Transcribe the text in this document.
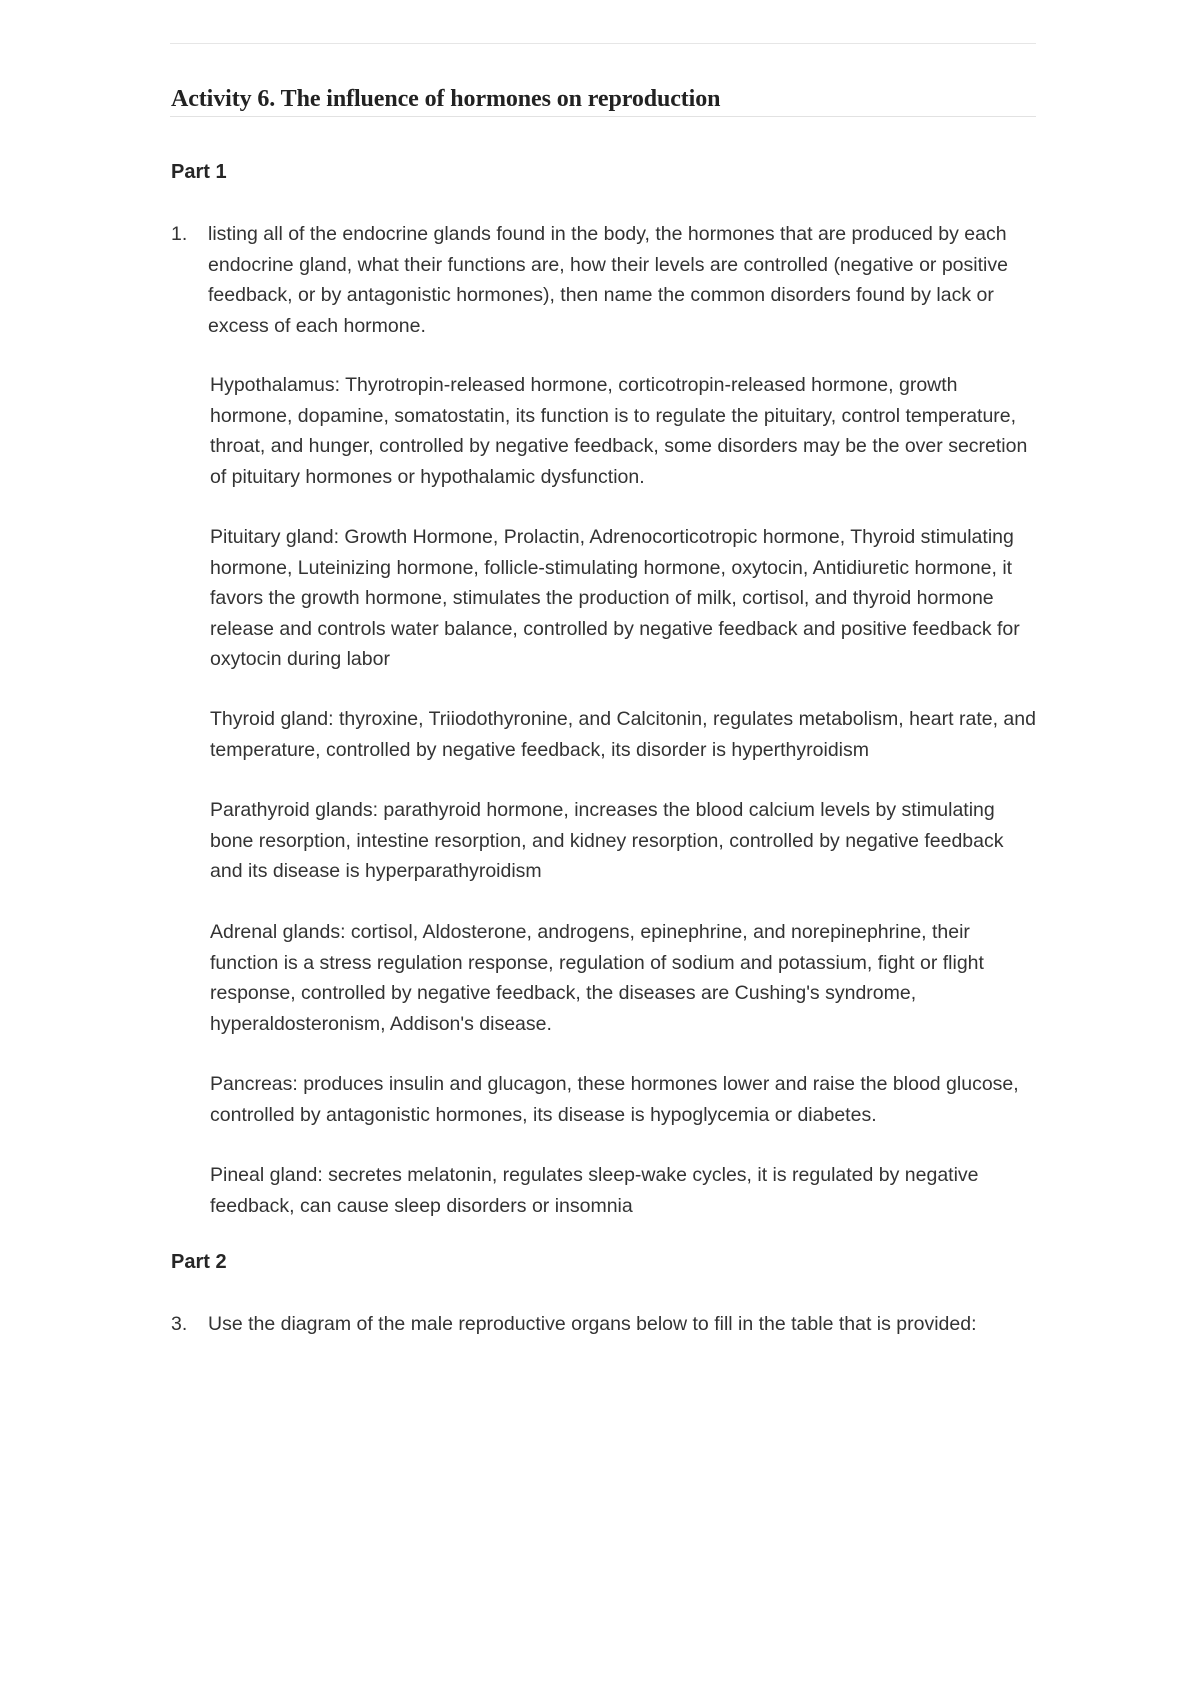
Activity 6. The influence of hormones on reproduction
Part 1
1. listing all of the endocrine glands found in the body, the hormones that are produced by each endocrine gland, what their functions are, how their levels are controlled (negative or positive feedback, or by antagonistic hormones), then name the common disorders found by lack or excess of each hormone.

Hypothalamus: Thyrotropin-released hormone, corticotropin-released hormone, growth hormone, dopamine, somatostatin, its function is to regulate the pituitary, control temperature, throat, and hunger, controlled by negative feedback, some disorders may be the over secretion of pituitary hormones or hypothalamic dysfunction.

Pituitary gland: Growth Hormone, Prolactin, Adrenocorticotropic hormone, Thyroid stimulating hormone, Luteinizing hormone, follicle-stimulating hormone, oxytocin, Antidiuretic hormone, it favors the growth hormone, stimulates the production of milk, cortisol, and thyroid hormone release and controls water balance, controlled by negative feedback and positive feedback for oxytocin during labor

Thyroid gland: thyroxine, Triiodothyronine, and Calcitonin, regulates metabolism, heart rate, and temperature, controlled by negative feedback, its disorder is hyperthyroidism

Parathyroid glands: parathyroid hormone, increases the blood calcium levels by stimulating bone resorption, intestine resorption, and kidney resorption, controlled by negative feedback and its disease is hyperparathyroidism

Adrenal glands: cortisol, Aldosterone, androgens, epinephrine, and norepinephrine, their function is a stress regulation response, regulation of sodium and potassium, fight or flight response, controlled by negative feedback, the diseases are Cushing's syndrome, hyperaldosteronism, Addison's disease.

Pancreas: produces insulin and glucagon, these hormones lower and raise the blood glucose, controlled by antagonistic hormones, its disease is hypoglycemia or diabetes.

Pineal gland: secretes melatonin, regulates sleep-wake cycles, it is regulated by negative feedback, can cause sleep disorders or insomnia

Part 2
3. Use the diagram of the male reproductive organs below to fill in the table that is provided:
